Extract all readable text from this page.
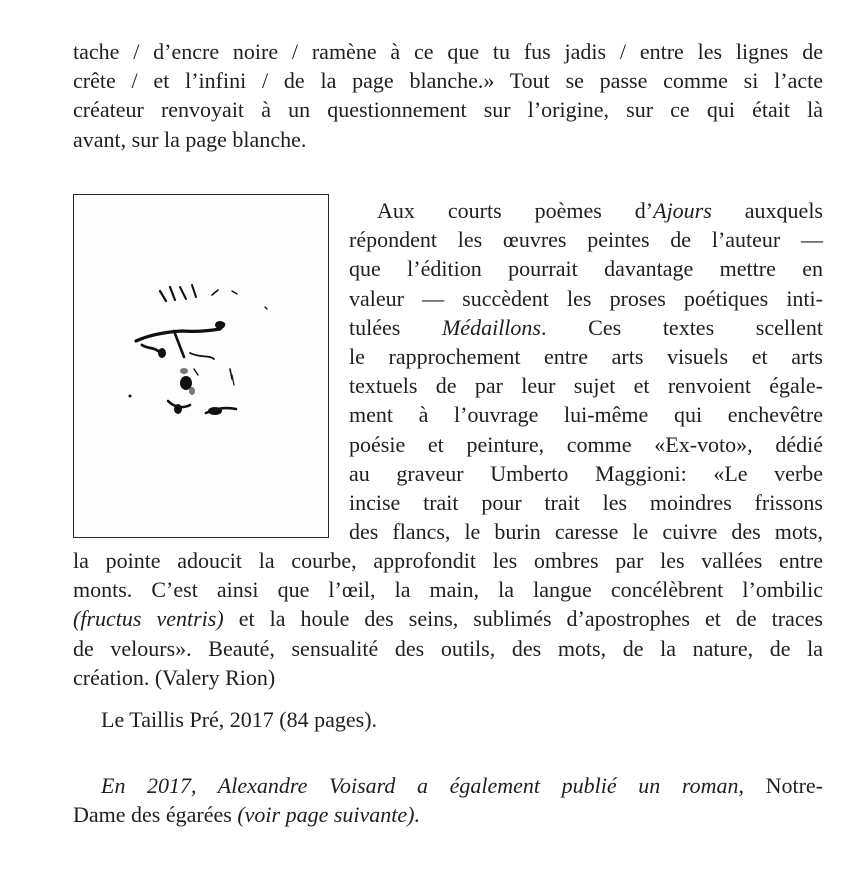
tache / d’encre noire / ramène à ce que tu fus jadis / entre les lignes de
crête / et l’infini / de la page blanche.» Tout se passe comme si l’acte
créateur renvoyait à un questionnement sur l’origine, sur ce qui était là
avant, sur la page blanche.

Aux courts poèmes d’Ajours auxquels
répondent les œuvres peintes de l’auteur —
que l’édition pourrait davantage mettre en
valeur — succèdent les proses poétiques inti-
tulées Médaillons. Ces textes scellent
le rapprochement entre arts visuels et arts
textuels de par leur sujet et renvoient égale-
ment à l’ouvrage lui-même qui enchevêtre
poésie et peinture, comme «Ex-voto», dédié
au graveur Umberto Maggioni: «Le verbe
incise trait pour trait les moindres frissons
des flancs, le burin caresse le cuivre des mots,

la pointe adoucit la courbe, approfondit les ombres par les vallées entre
monts. C’est ainsi que l’œil, la main, la langue concélèbrent l’ombilic
(fructus ventris) et la houle des seins, sublimés d’apostrophes et de traces
de velours». Beauté, sensualité des outils, des mots, de la nature, de la
création. (Valery Rion)

Le Taillis Pré, 2017 (84 pages).

En 2017, Alexandre Voisard a également publié un roman, Notre-
Dame des égarées (voir page suivante).
